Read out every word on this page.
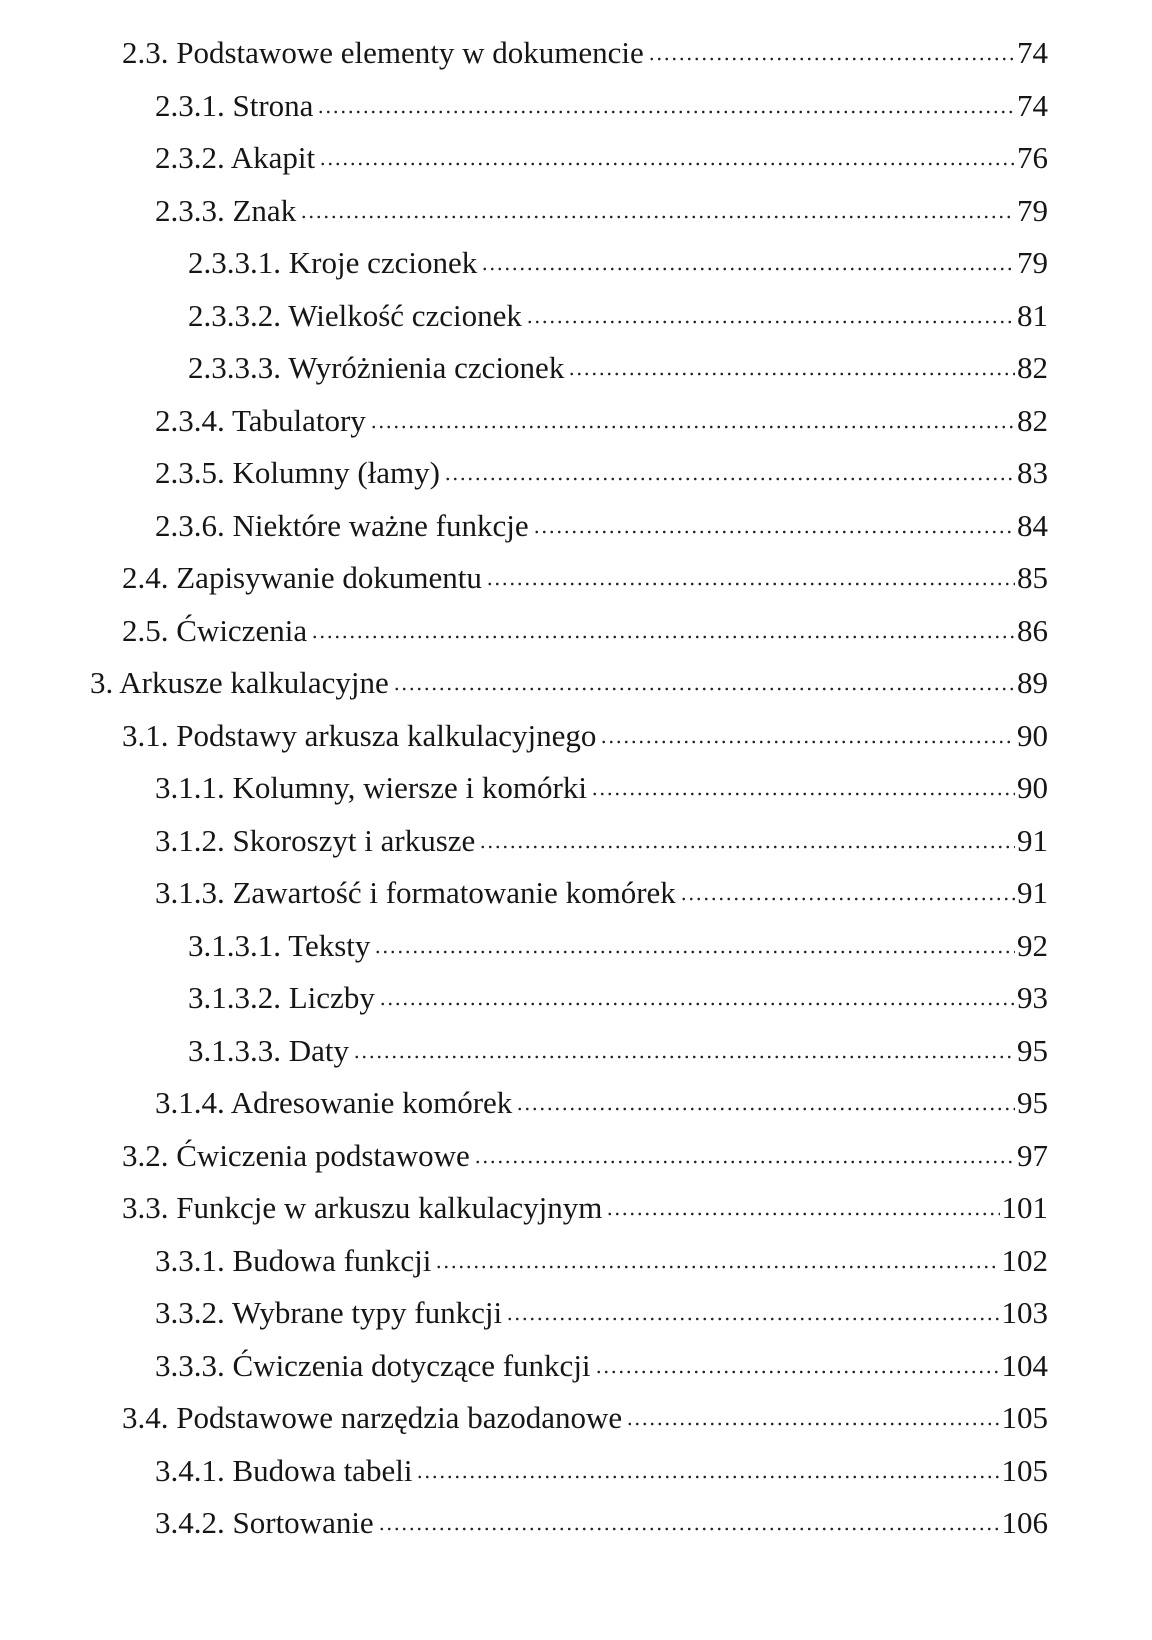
2.3. Podstawowe elementy w dokumencie	74
2.3.1. Strona	74
2.3.2. Akapit	76
2.3.3. Znak	79
2.3.3.1. Kroje czcionek	79
2.3.3.2. Wielkość czcionek	81
2.3.3.3. Wyróżnienia czcionek	82
2.3.4. Tabulatory	82
2.3.5. Kolumny (łamy)	83
2.3.6. Niektóre ważne funkcje	84
2.4. Zapisywanie dokumentu	85
2.5. Ćwiczenia	86
3. Arkusze kalkulacyjne	89
3.1. Podstawy arkusza kalkulacyjnego	90
3.1.1. Kolumny, wiersze i komórki	90
3.1.2. Skoroszyt i arkusze	91
3.1.3. Zawartość i formatowanie komórek	91
3.1.3.1. Teksty	92
3.1.3.2. Liczby	93
3.1.3.3. Daty	95
3.1.4. Adresowanie komórek	95
3.2. Ćwiczenia podstawowe	97
3.3. Funkcje w arkuszu kalkulacyjnym	101
3.3.1. Budowa funkcji	102
3.3.2. Wybrane typy funkcji	103
3.3.3. Ćwiczenia dotyczące funkcji	104
3.4. Podstawowe narzędzia bazodanowe	105
3.4.1. Budowa tabeli	105
3.4.2. Sortowanie	106
